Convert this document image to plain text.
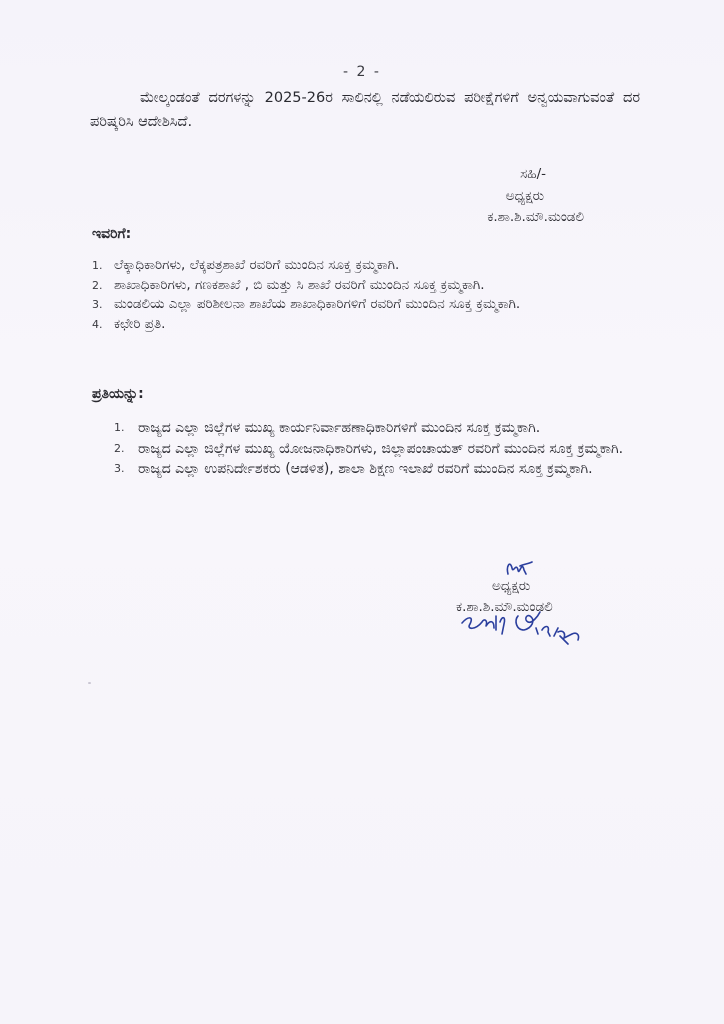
- 2 -

ಮೇಲ್ಕಂಡಂತೆ ದರಗಳನ್ನು 2025-26ರ ಸಾಲಿನಲ್ಲಿ ನಡೆಯಲಿರುವ ಪರೀಕ್ಷೆಗಳಿಗೆ ಅನ್ವಯವಾಗುವಂತೆ ದರ ಪರಿಷ್ಕರಿಸಿ ಆದೇಶಿಸಿದೆ.

ಸಹಿ/-
ಅಧ್ಯಕ್ಷರು
ಕ.ಶಾ.ಶಿ.ಮೌ.ಮಂಡಲಿ
ಇವರಿಗೆ:
1. ಲೆಕ್ಕಾಧಿಕಾರಿಗಳು, ಲೆಕ್ಕಪತ್ರಶಾಖೆ ರವರಿಗೆ ಮುಂದಿನ ಸೂಕ್ತ ಕ್ರಮ್ಮಕಾಗಿ.
2. ಶಾಖಾಧಿಕಾರಿಗಳು, ಗಣಕಶಾಖೆ , ಬಿ ಮತ್ತು ಸಿ ಶಾಖೆ ರವರಿಗೆ ಮುಂದಿನ ಸೂಕ್ತ ಕ್ರಮ್ಮಕಾಗಿ.
3. ಮಂಡಲಿಯ ಎಲ್ಲಾ ಪರಿಶೀಲನಾ ಶಾಖೆಯ ಶಾಖಾಧಿಕಾರಿಗಳಿಗೆ ರವರಿಗೆ ಮುಂದಿನ ಸೂಕ್ತ ಕ್ರಮ್ಮಕಾಗಿ.
4. ಕಛೇರಿ ಪ್ರತಿ.
ಪ್ರತಿಯನ್ನು:
1. ರಾಜ್ಯದ ಎಲ್ಲಾ ಜಿಲ್ಲೆಗಳ ಮುಖ್ಯ ಕಾರ್ಯನಿರ್ವಾಹಣಾಧಿಕಾರಿಗಳಿಗೆ ಮುಂದಿನ ಸೂಕ್ತ ಕ್ರಮ್ಮಕಾಗಿ.
2. ರಾಜ್ಯದ ಎಲ್ಲಾ ಜಿಲ್ಲೆಗಳ ಮುಖ್ಯ ಯೋಜನಾಧಿಕಾರಿಗಳು, ಜಿಲ್ಲಾಪಂಚಾಯತ್ ರವರಿಗೆ ಮುಂದಿನ ಸೂಕ್ತ ಕ್ರಮ್ಮಕಾಗಿ.
3. ರಾಜ್ಯದ ಎಲ್ಲಾ ಉಪನಿರ್ದೇಶಕರು (ಆಡಳಿತ), ಶಾಲಾ ಶಿಕ್ಷಣ ಇಲಾಖೆ ರವರಿಗೆ ಮುಂದಿನ ಸೂಕ್ತ ಕ್ರಮ್ಮಕಾಗಿ.
ಅಧ್ಯಕ್ಷರು
ಕ.ಶಾ.ಶಿ.ಮೌ.ಮಂಡಲಿ
